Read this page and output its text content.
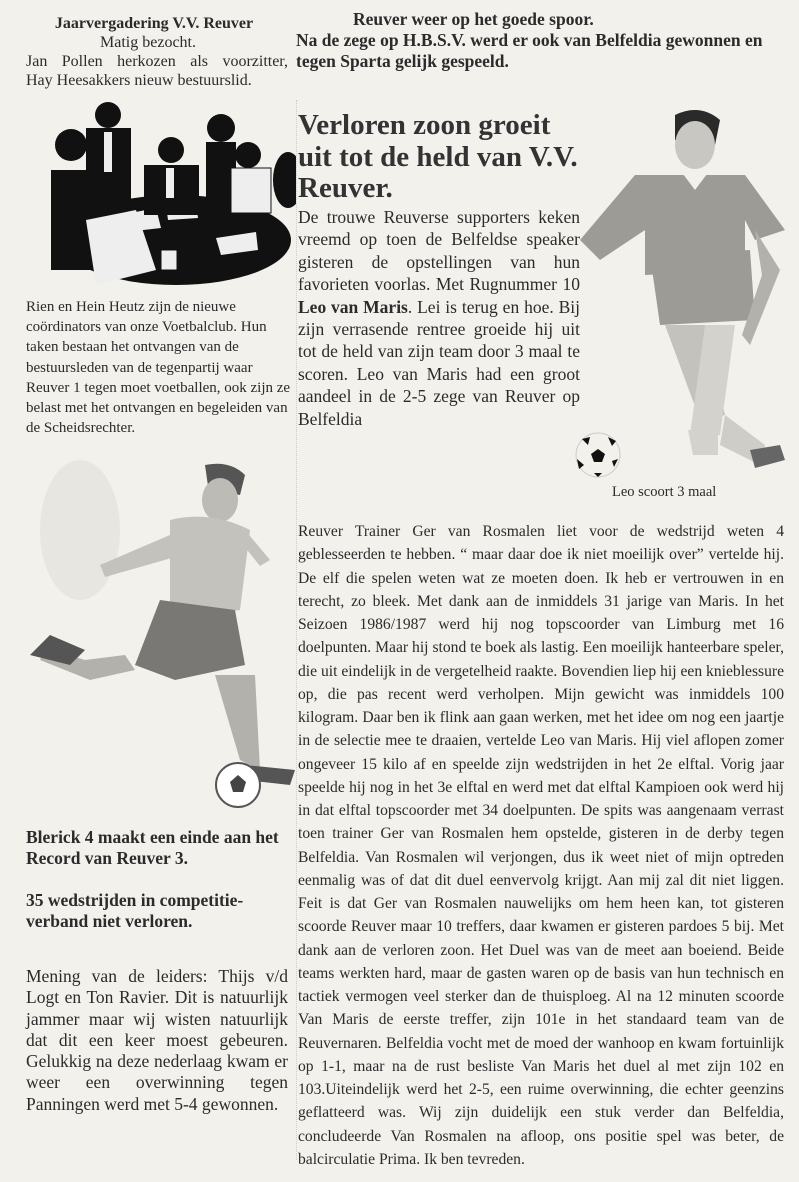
Jaarvergadering V.V. Reuver
Matig bezocht.
Jan Pollen herkozen als voorzitter,
Hay Heesakkers nieuw bestuurslid.
Rien en Hein Heutz zijn de nieuwe coördinators van onze Voetbalclub. Hun taken bestaan het ontvangen van de bestuursleden van de tegenpartij waar Reuver 1 tegen moet voetballen, ook zijn ze belast met het ontvangen en begeleiden van de Scheidsrechter.
Blerick 4 maakt een einde aan het Record van Reuver 3.
35 wedstrijden in competitie-verband niet verloren.
Mening van de leiders: Thijs v/d Logt en Ton Ravier. Dit is natuurlijk jammer maar wij wisten natuurlijk dat dit een keer moest gebeuren. Gelukkig na deze nederlaag kwam er weer een overwinning tegen Panningen werd met 5-4 gewonnen.
Reuver weer op het goede spoor.
Na de zege op H.B.S.V. werd er ook van Belfeldia gewonnen en tegen Sparta gelijk gespeeld.
Verloren zoon groeit uit tot de held van V.V. Reuver.
De trouwe Reuverse supporters keken vreemd op toen de Belfeldse speaker gisteren de opstellingen van hun favorieten voorlas. Met Rugnummer 10 Leo van Maris. Lei is terug en hoe. Bij zijn verrasende rentree groeide hij uit tot de held van zijn team door 3 maal te scoren. Leo van Maris had een groot aandeel in de 2-5 zege van Reuver op Belfeldia
Leo scoort 3 maal
Reuver Trainer Ger van Rosmalen liet voor de wedstrijd weten 4 geblesseerden te hebben. “ maar daar doe ik niet moeilijk over” vertelde hij. De elf die spelen weten wat ze moeten doen. Ik heb er vertrouwen in en terecht, zo bleek. Met dank aan de inmiddels 31 jarige van Maris. In het Seizoen 1986/1987 werd hij nog topscoorder van Limburg met 16 doelpunten. Maar hij stond te boek als lastig. Een moeilijk hanteerbare speler, die uit eindelijk in de vergetelheid raakte. Bovendien liep hij een knieblessure op, die pas recent werd verholpen. Mijn gewicht was inmiddels 100 kilogram. Daar ben ik flink aan gaan werken, met het idee om nog een jaartje in de selectie mee te draaien, vertelde Leo van Maris. Hij viel aflopen zomer ongeveer 15 kilo af en speelde zijn wedstrijden in het 2e elftal. Vorig jaar speelde hij nog in het 3e elftal en werd met dat elftal Kampioen ook werd hij in dat elftal topscoorder met 34 doelpunten. De spits was aangenaam verrast toen trainer Ger van Rosmalen hem opstelde, gisteren in de derby tegen Belfeldia. Van Rosmalen wil verjongen, dus ik weet niet of mijn optreden eenmalig was of dat dit duel eenvervolg krijgt. Aan mij zal dit niet liggen. Feit is dat Ger van Rosmalen nauwelijks om hem heen kan, tot gisteren scoorde Reuver maar 10 treffers, daar kwamen er gisteren pardoes 5 bij. Met dank aan de verloren zoon. Het Duel was van de meet aan boeiend. Beide teams werkten hard, maar de gasten waren op de basis van hun technisch en tactiek vermogen veel sterker dan de thuisploeg. Al na 12 minuten scoorde Van Maris de eerste treffer, zijn 101e in het standaard team van de Reuvernaren. Belfeldia vocht met de moed der wanhoop en kwam fortuinlijk op 1-1, maar na de rust besliste Van Maris het duel al met zijn 102 en 103.Uiteindelijk werd het 2-5, een ruime overwinning, die echter geenzins geflatteerd was. Wij zijn duidelijk een stuk verder dan Belfeldia, concludeerde Van Rosmalen na afloop, ons positie spel was beter, de balcirculatie Prima. Ik ben tevreden.
